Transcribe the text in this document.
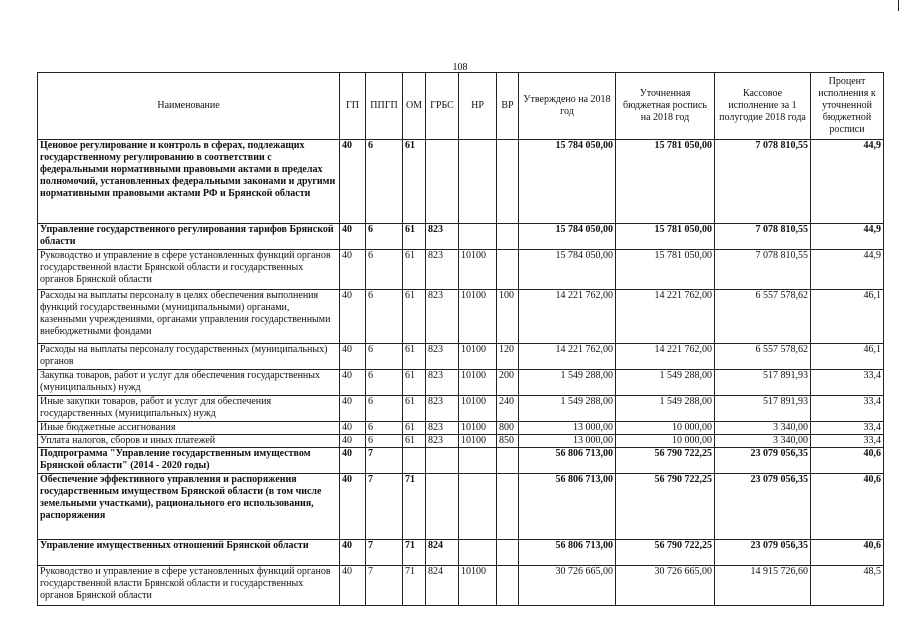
108
Наименование	ГП	ППГП	ОМ	ГРБС	НР	ВР	Утверждено на 2018 год	Уточненная бюджетная роспись на 2018 год	Кассовое исполнение за 1 полугодие 2018 года	Процент исполнения к уточненной бюджетной росписи
Ценовое регулирование и контроль в сферах, подлежащих государственному регулированию в соответствии с федеральными нормативными правовыми актами в пределах полномочий, установленных федеральными законами и другими нормативными правовыми актами РФ и Брянской области	40	6	61				15 784 050,00	15 781 050,00	7 078 810,55	44,9
Управление государственного регулирования тарифов Брянской области	40	6	61	823			15 784 050,00	15 781 050,00	7 078 810,55	44,9
Руководство и управление в сфере установленных функций органов государственной власти Брянской области и государственных органов Брянской области	40	6	61	823	10100		15 784 050,00	15 781 050,00	7 078 810,55	44,9
Расходы на выплаты персоналу в целях обеспечения выполнения функций государственными (муниципальными) органами, казенными учреждениями, органами управления государственными внебюджетными фондами	40	6	61	823	10100	100	14 221 762,00	14 221 762,00	6 557 578,62	46,1
Расходы на выплаты персоналу государственных (муниципальных) органов	40	6	61	823	10100	120	14 221 762,00	14 221 762,00	6 557 578,62	46,1
Закупка товаров, работ и услуг для обеспечения государственных (муниципальных) нужд	40	6	61	823	10100	200	1 549 288,00	1 549 288,00	517 891,93	33,4
Иные закупки товаров, работ и услуг для обеспечения государственных (муниципальных) нужд	40	6	61	823	10100	240	1 549 288,00	1 549 288,00	517 891,93	33,4
Иные бюджетные ассигнования	40	6	61	823	10100	800	13 000,00	10 000,00	3 340,00	33,4
Уплата налогов, сборов и иных платежей	40	6	61	823	10100	850	13 000,00	10 000,00	3 340,00	33,4
Подпрограмма "Управление государственным имуществом Брянской области" (2014 - 2020 годы)	40	7					56 806 713,00	56 790 722,25	23 079 056,35	40,6
Обеспечение эффективного управления и распоряжения государственным имуществом Брянской области (в том числе земельными участками), рационального его использования, распоряжения	40	7	71				56 806 713,00	56 790 722,25	23 079 056,35	40,6
Управление имущественных отношений Брянской области	40	7	71	824			56 806 713,00	56 790 722,25	23 079 056,35	40,6
Руководство и управление в сфере установленных функций органов государственной власти Брянской области и государственных органов Брянской области	40	7	71	824	10100		30 726 665,00	30 726 665,00	14 915 726,60	48,5
